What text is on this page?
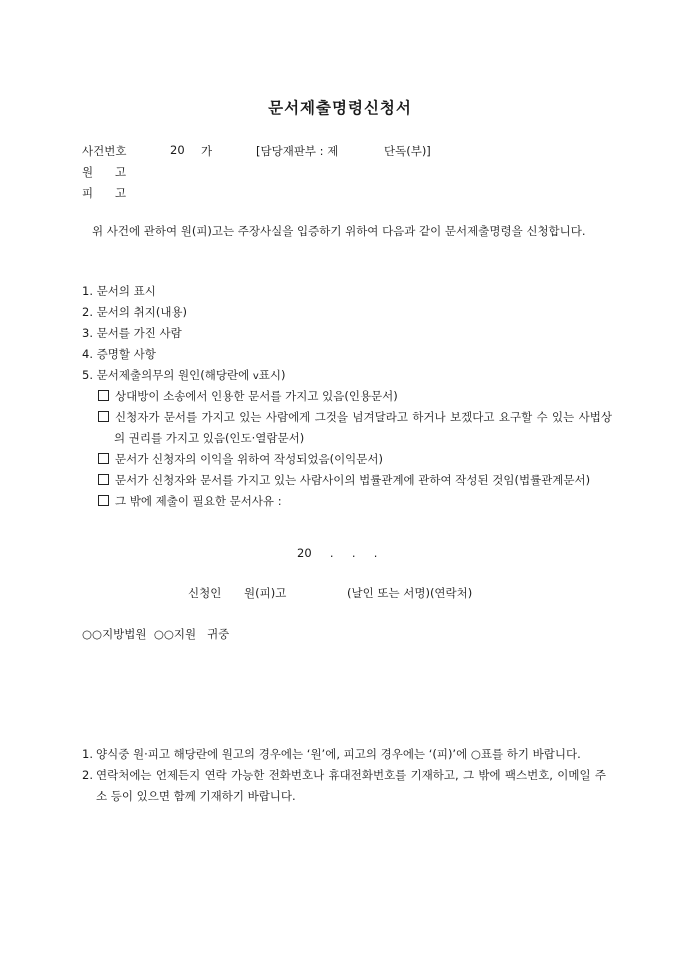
문서제출명령신청서
사건번호	20 가	[담당재판부 : 제	단독(부)]
원      고
피      고
위 사건에 관하여 원(피)고는 주장사실을 입증하기 위하여 다음과 같이 문서제출명령을 신청합니다.
1. 문서의 표시
2. 문서의 취지(내용)
3. 문서를 가진 사람
4. 증명할 사항
5. 문서제출의무의 원인(해당란에 v표시)
상대방이 소송에서 인용한 문서를 가지고 있음(인용문서)
신청자가 문서를 가지고 있는 사람에게 그것을 넘겨달라고 하거나 보겠다고 요구할 수 있는 사법상의 권리를 가지고 있음(인도·열람문서)
문서가 신청자의 이익을 위하여 작성되었음(이익문서)
문서가 신청자와 문서를 가지고 있는 사람사이의 법률관계에 관하여 작성된 것임(법률관계문서)
그 밖에 제출이 필요한 문서사유 :
20     .     .     .
신청인 원(피)고	(날인 또는 서명)(연락처)
○○지방법원  ○○지원   귀중
1. 양식중 원·피고 해당란에 원고의 경우에는 ‘원’에, 피고의 경우에는 ‘(피)’에 ○표를 하기 바랍니다.
2. 연락처에는 언제든지 연락 가능한 전화번호나 휴대전화번호를 기재하고, 그 밖에 팩스번호, 이메일 주소 등이 있으면 함께 기재하기 바랍니다.
